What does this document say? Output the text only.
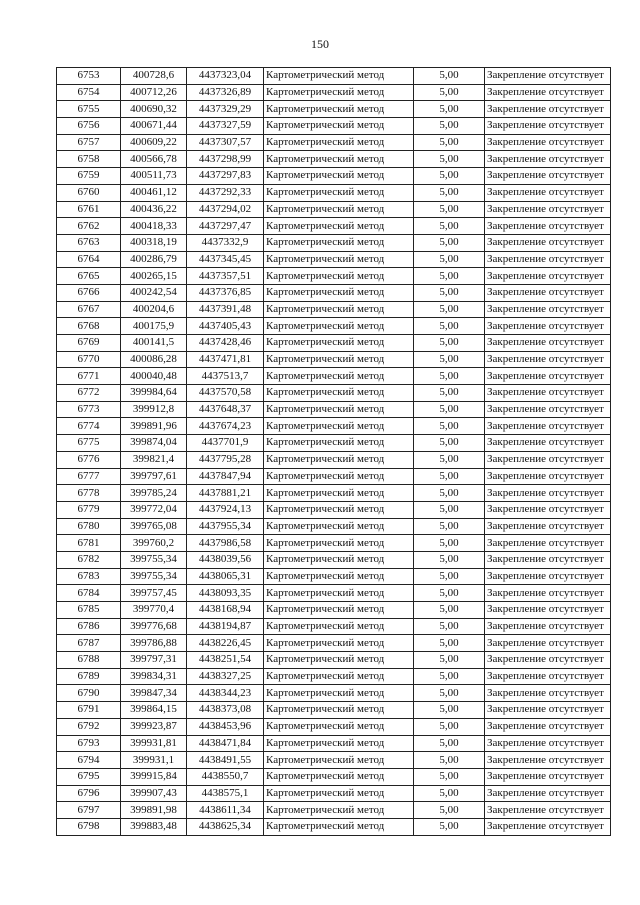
150
6753	400728,6	4437323,04	Картометрический метод	5,00	Закрепление отсутствует
6754	400712,26	4437326,89	Картометрический метод	5,00	Закрепление отсутствует
6755	400690,32	4437329,29	Картометрический метод	5,00	Закрепление отсутствует
6756	400671,44	4437327,59	Картометрический метод	5,00	Закрепление отсутствует
6757	400609,22	4437307,57	Картометрический метод	5,00	Закрепление отсутствует
6758	400566,78	4437298,99	Картометрический метод	5,00	Закрепление отсутствует
6759	400511,73	4437297,83	Картометрический метод	5,00	Закрепление отсутствует
6760	400461,12	4437292,33	Картометрический метод	5,00	Закрепление отсутствует
6761	400436,22	4437294,02	Картометрический метод	5,00	Закрепление отсутствует
6762	400418,33	4437297,47	Картометрический метод	5,00	Закрепление отсутствует
6763	400318,19	4437332,9	Картометрический метод	5,00	Закрепление отсутствует
6764	400286,79	4437345,45	Картометрический метод	5,00	Закрепление отсутствует
6765	400265,15	4437357,51	Картометрический метод	5,00	Закрепление отсутствует
6766	400242,54	4437376,85	Картометрический метод	5,00	Закрепление отсутствует
6767	400204,6	4437391,48	Картометрический метод	5,00	Закрепление отсутствует
6768	400175,9	4437405,43	Картометрический метод	5,00	Закрепление отсутствует
6769	400141,5	4437428,46	Картометрический метод	5,00	Закрепление отсутствует
6770	400086,28	4437471,81	Картометрический метод	5,00	Закрепление отсутствует
6771	400040,48	4437513,7	Картометрический метод	5,00	Закрепление отсутствует
6772	399984,64	4437570,58	Картометрический метод	5,00	Закрепление отсутствует
6773	399912,8	4437648,37	Картометрический метод	5,00	Закрепление отсутствует
6774	399891,96	4437674,23	Картометрический метод	5,00	Закрепление отсутствует
6775	399874,04	4437701,9	Картометрический метод	5,00	Закрепление отсутствует
6776	399821,4	4437795,28	Картометрический метод	5,00	Закрепление отсутствует
6777	399797,61	4437847,94	Картометрический метод	5,00	Закрепление отсутствует
6778	399785,24	4437881,21	Картометрический метод	5,00	Закрепление отсутствует
6779	399772,04	4437924,13	Картометрический метод	5,00	Закрепление отсутствует
6780	399765,08	4437955,34	Картометрический метод	5,00	Закрепление отсутствует
6781	399760,2	4437986,58	Картометрический метод	5,00	Закрепление отсутствует
6782	399755,34	4438039,56	Картометрический метод	5,00	Закрепление отсутствует
6783	399755,34	4438065,31	Картометрический метод	5,00	Закрепление отсутствует
6784	399757,45	4438093,35	Картометрический метод	5,00	Закрепление отсутствует
6785	399770,4	4438168,94	Картометрический метод	5,00	Закрепление отсутствует
6786	399776,68	4438194,87	Картометрический метод	5,00	Закрепление отсутствует
6787	399786,88	4438226,45	Картометрический метод	5,00	Закрепление отсутствует
6788	399797,31	4438251,54	Картометрический метод	5,00	Закрепление отсутствует
6789	399834,31	4438327,25	Картометрический метод	5,00	Закрепление отсутствует
6790	399847,34	4438344,23	Картометрический метод	5,00	Закрепление отсутствует
6791	399864,15	4438373,08	Картометрический метод	5,00	Закрепление отсутствует
6792	399923,87	4438453,96	Картометрический метод	5,00	Закрепление отсутствует
6793	399931,81	4438471,84	Картометрический метод	5,00	Закрепление отсутствует
6794	399931,1	4438491,55	Картометрический метод	5,00	Закрепление отсутствует
6795	399915,84	4438550,7	Картометрический метод	5,00	Закрепление отсутствует
6796	399907,43	4438575,1	Картометрический метод	5,00	Закрепление отсутствует
6797	399891,98	4438611,34	Картометрический метод	5,00	Закрепление отсутствует
6798	399883,48	4438625,34	Картометрический метод	5,00	Закрепление отсутствует
